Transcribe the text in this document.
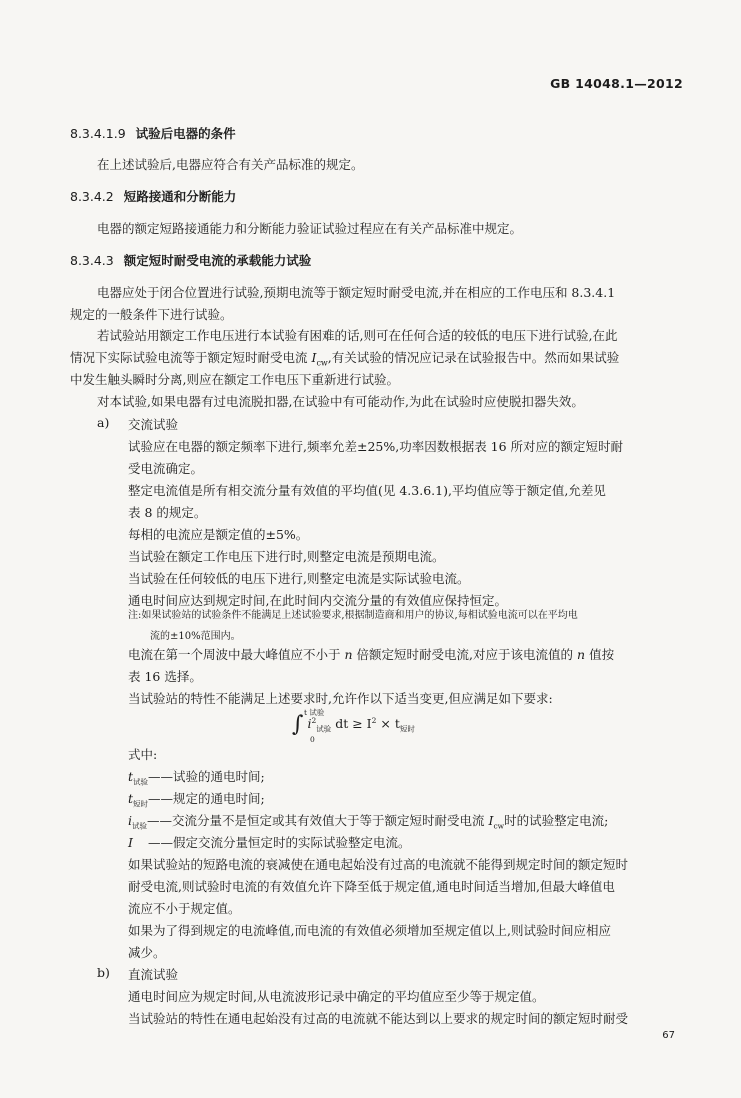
GB 14048.1—2012
8.3.4.1.9 试验后电器的条件
在上述试验后,电器应符合有关产品标准的规定。
8.3.4.2 短路接通和分断能力
电器的额定短路接通能力和分断能力验证试验过程应在有关产品标准中规定。
8.3.4.3 额定短时耐受电流的承载能力试验
电器应处于闭合位置进行试验,预期电流等于额定短时耐受电流,并在相应的工作电压和 8.3.4.1
规定的一般条件下进行试验。
若试验站用额定工作电压进行本试验有困难的话,则可在任何合适的较低的电压下进行试验,在此
情况下实际试验电流等于额定短时耐受电流 $I_{cw}$,有关试验的情况应记录在试验报告中。然而如果试验
中发生触头瞬时分离,则应在额定工作电压下重新进行试验。
对本试验,如果电器有过电流脱扣器,在试验中有可能动作,为此在试验时应使脱扣器失效。
a) 交流试验
试验应在电器的额定频率下进行,频率允差±25%,功率因数根据表 16 所对应的额定短时耐
受电流确定。
整定电流值是所有相交流分量有效值的平均值(见 4.3.6.1),平均值应等于额定值,允差见
表 8 的规定。
每相的电流应是额定值的±5%。
当试验在额定工作电压下进行时,则整定电流是预期电流。
当试验在任何较低的电压下进行,则整定电流是实际试验电流。
通电时间应达到规定时间,在此时间内交流分量的有效值应保持恒定。
注:如果试验站的试验条件不能满足上述试验要求,根据制造商和用户的协议,每相试验电流可以在平均电
流的±10%范围内。
电流在第一个周波中最大峰值应不小于 n 倍额定短时耐受电流,对应于该电流值的 n 值按
表 16 选择。
当试验站的特性不能满足上述要求时,允许作以下适当变更,但应满足如下要求:
t 试验
∫ $i^2_{试验}$ dt ≥ $I^2 \times t_{短时}$
0
式中:
$t_{试验}——$试验的通电时间;
$t_{短时}——$规定的通电时间;
$i_{试验}——$交流分量不是恒定或其有效值大于等于额定短时耐受电流 $I_{cw}$时的试验整定电流;
I ——假定交流分量恒定时的实际试验整定电流。
如果试验站的短路电流的衰减使在通电起始没有过高的电流就不能得到规定时间的额定短时
耐受电流,则试验时电流的有效值允许下降至低于规定值,通电时间适当增加,但最大峰值电
流应不小于规定值。
如果为了得到规定的电流峰值,而电流的有效值必须增加至规定值以上,则试验时间应相应
减少。
b) 直流试验
通电时间应为规定时间,从电流波形记录中确定的平均值应至少等于规定值。
当试验站的特性在通电起始没有过高的电流就不能达到以上要求的规定时间的额定短时耐受
67
